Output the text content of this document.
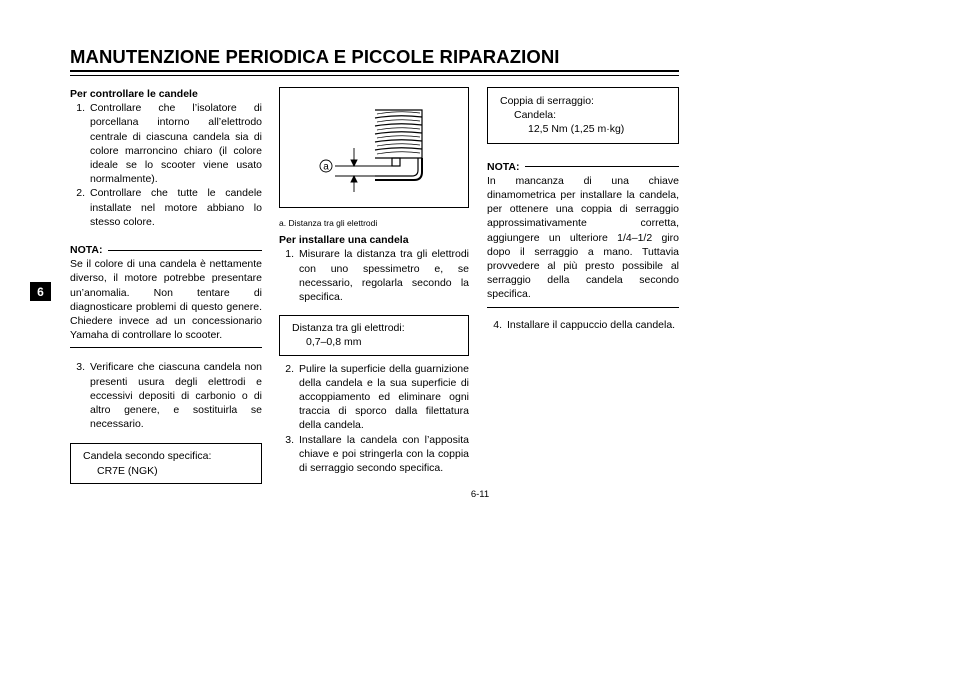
MANUTENZIONE PERIODICA E PICCOLE RIPARAZIONI
6

Per controllare le candele

1. Controllare che l’isolatore di porcellana intorno all’elettrodo centrale di ciascuna candela sia di colore marroncino chiaro (il colore ideale se lo scooter viene usato normalmente).
2. Controllare che tutte le candele installate nel motore abbiano lo stesso colore.
NOTA:

Se il colore di una candela è nettamente diverso, il motore potrebbe presentare un’anomalia. Non tentare di diagnosticare problemi di questo genere. Chiedere invece ad un concessionario Yamaha di controllare lo scooter.

3. Verificare che ciascuna candela non presenti usura degli elettrodi e eccessivi depositi di carbonio o di altro genere, e sostituirla se necessario.
Candela secondo specifica:
CR7E (NGK)
a

a. Distanza tra gli elettrodi

Per installare una candela

1. Misurare la distanza tra gli elettrodi con uno spessimetro e, se necessario, regolarla secondo la specifica.
Distanza tra gli elettrodi:
0,7–0,8 mm
2. Pulire la superficie della guarnizione della candela e la sua superficie di accoppiamento ed eliminare ogni traccia di sporco dalla filettatura della candela.
3. Installare la candela con l’apposita chiave e poi stringerla con la coppia di serraggio secondo specifica.
Coppia di serraggio:
Candela:
12,5 Nm (1,25 m·kg)
NOTA:

In mancanza di una chiave dinamometrica per installare la candela, per ottenere una coppia di serraggio approssimativamente corretta, aggiungere un ulteriore 1/4–1/2 giro dopo il serraggio a mano. Tuttavia provvedere al più presto possibile al serraggio della candela secondo specifica.

4. Installare il cappuccio della candela.
6-11
